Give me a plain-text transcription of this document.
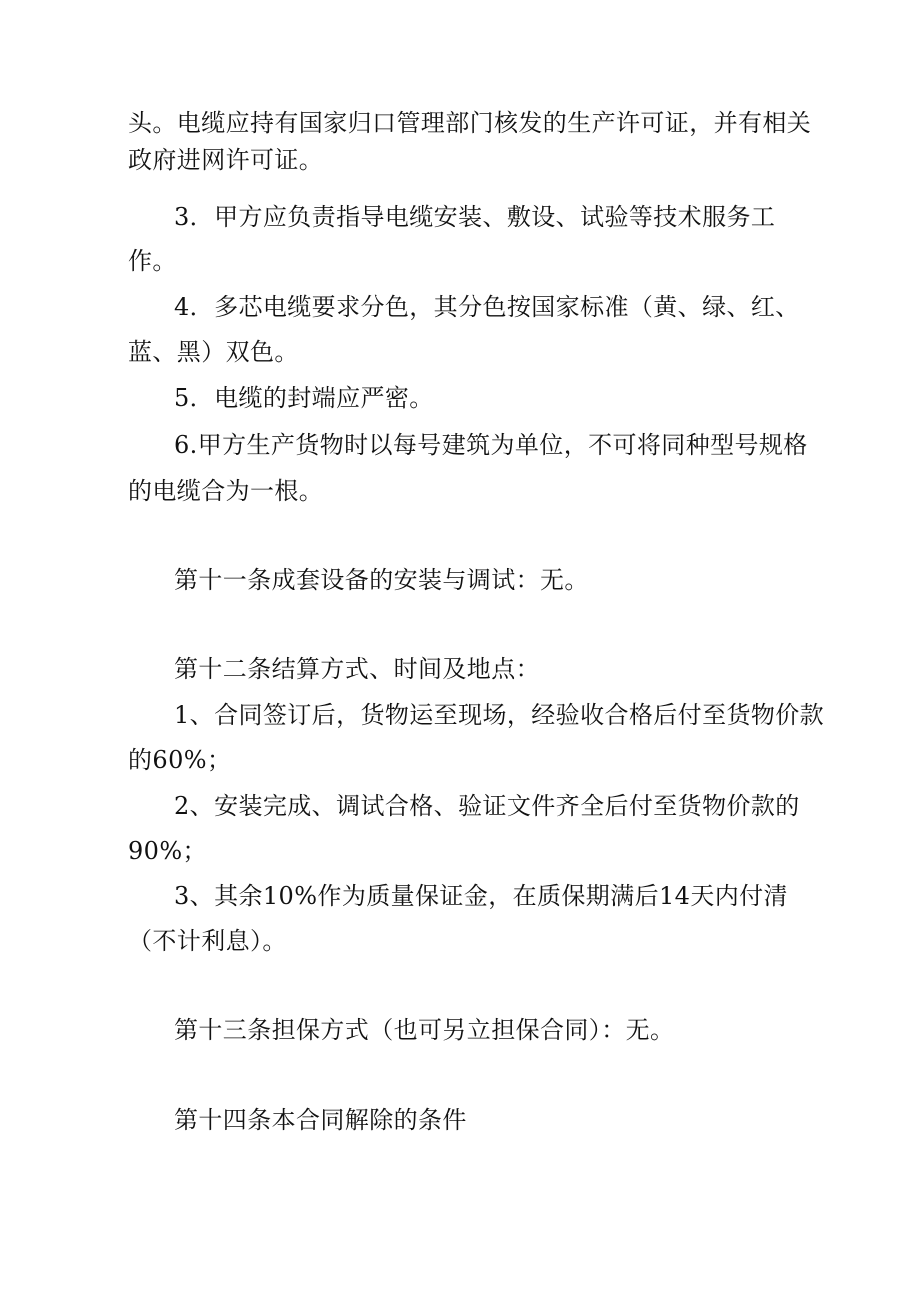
头。电缆应持有国家归口管理部门核发的生产许可证，并有相关
政府进网许可证。
3．甲方应负责指导电缆安装、敷设、试验等技术服务工
作。
4．多芯电缆要求分色，其分色按国家标准（黄、绿、红、
蓝、黑）双色。
5．电缆的封端应严密。
6.甲方生产货物时以每号建筑为单位，不可将同种型号规格
的电缆合为一根。
第十一条成套设备的安装与调试：无。
第十二条结算方式、时间及地点：
1、合同签订后，货物运至现场，经验收合格后付至货物价款
的60%；
2、安装完成、调试合格、验证文件齐全后付至货物价款的
90%；
3、其余10%作为质量保证金，在质保期满后14天内付清
（不计利息）。
第十三条担保方式（也可另立担保合同）：无。
第十四条本合同解除的条件
